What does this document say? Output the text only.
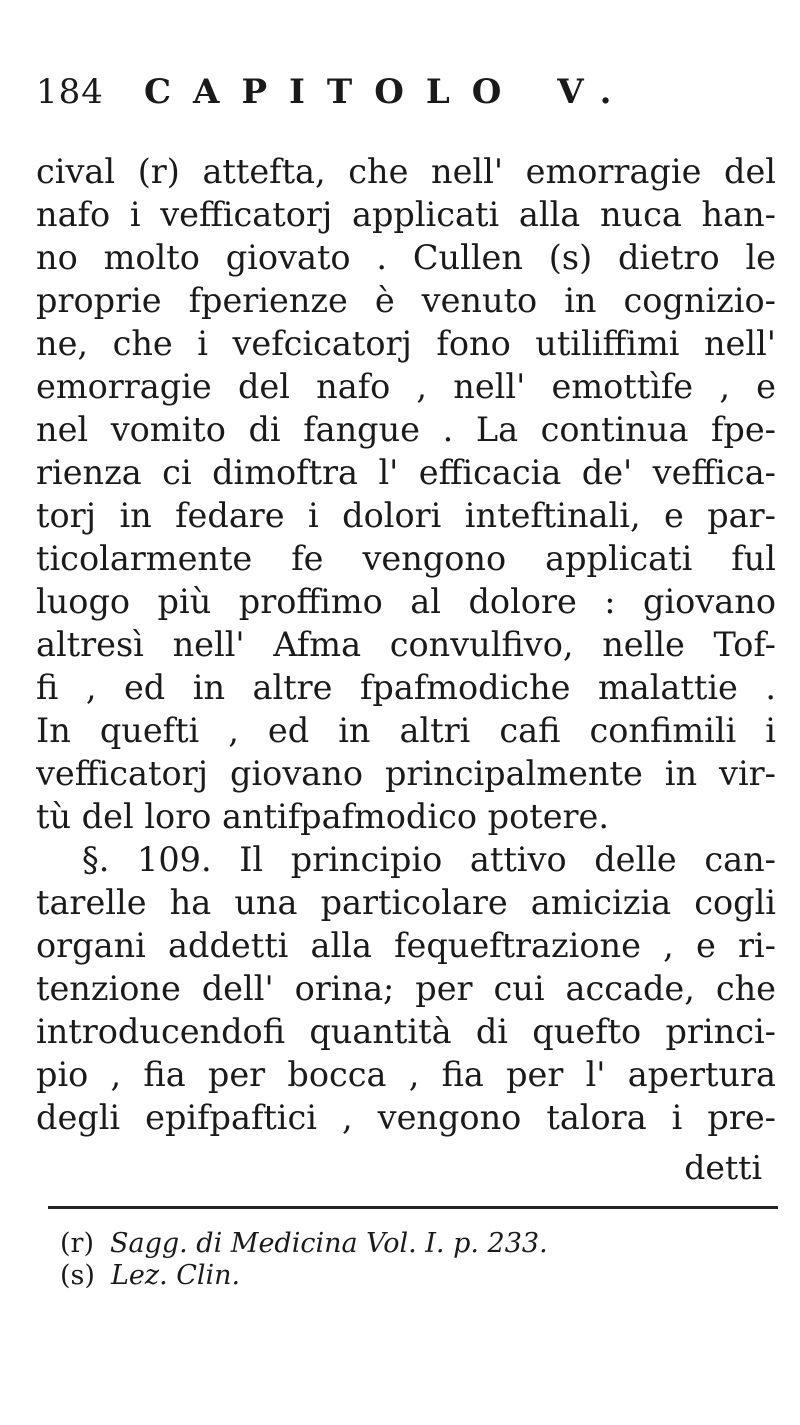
184 CAPITOLO V.
cival (r) attefta, che nell' emorragie del
nafo i vefficatorj applicati alla nuca han-
no molto giovato . Cullen (s) dietro le
proprie fperienze è venuto in cognizio-
ne, che i vefcicatorj fono utiliffimi nell'
emorragie del nafo , nell' emottìfe , e
nel vomito di fangue . La continua fpe-
rienza ci dimoftra l' efficacia de' veffica-
torj in fedare i dolori inteftinali, e par-
ticolarmente fe vengono applicati ful
luogo più proffimo al dolore : giovano
altresì nell' Afma convulfivo, nelle Tof-
fi , ed in altre fpafmodiche malattie .
In quefti , ed in altri cafi confimili i
vefficatorj giovano principalmente in vir-
tù del loro antifpafmodico potere.
§. 109. Il principio attivo delle can-
tarelle ha una particolare amicizia cogli
organi addetti alla fequeftrazione , e ri-
tenzione dell' orina; per cui accade, che
introducendofi quantità di quefto princi-
pio , fia per bocca , fia per l' apertura
degli epifpaftici , vengono talora i pre-
detti
(r) Sagg. di Medicina Vol. I. p. 233.
(s) Lez. Clin.
